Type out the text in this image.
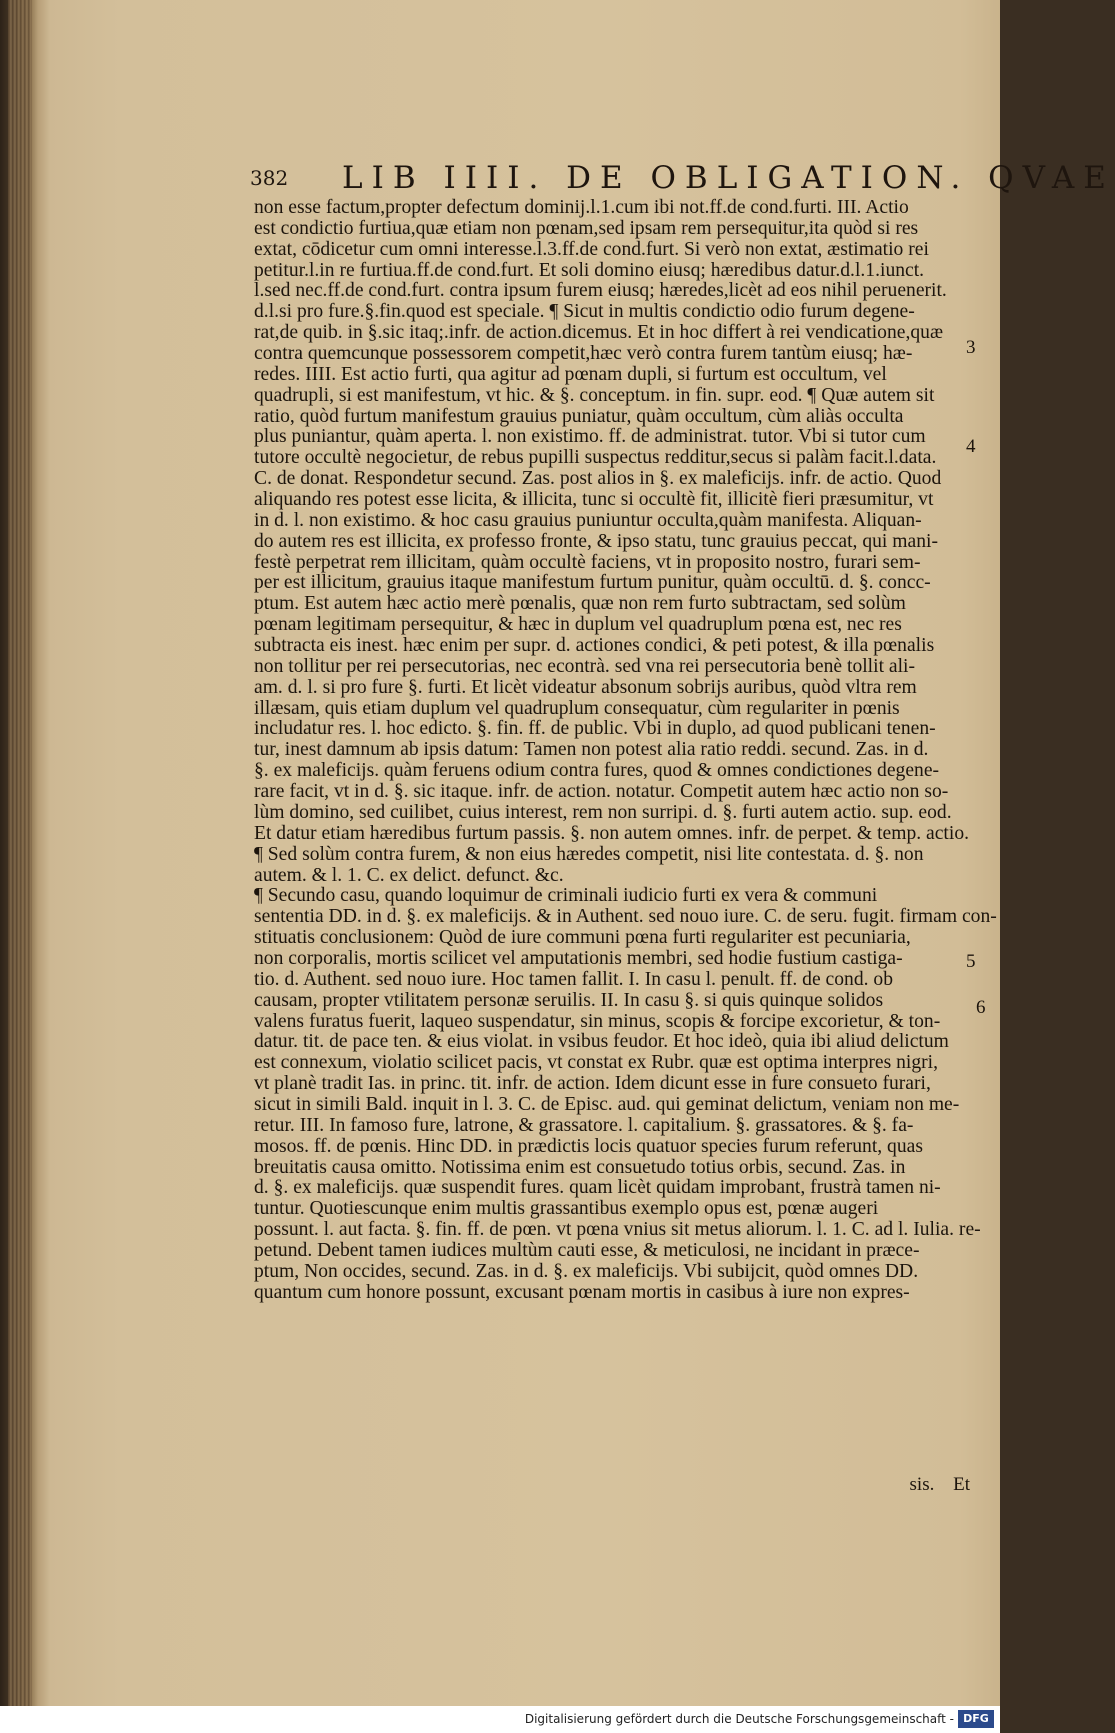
382 LIB IIII. DE OBLIGATION. QVAE
non esse factum,propter defectum dominij.l.1.cum ibi not.ff.de cond.furti. III. Actio
est condictio furtiua,quæ etiam non pœnam,sed ipsam rem persequitur,ita quòd si res
extat, cōdicetur cum omni interesse.l.3.ff.de cond.furt. Si verò non extat, æstimatio rei
petitur.l.in re furtiua.ff.de cond.furt. Et soli domino eiusq; hæredibus datur.d.l.1.iunct.
l.sed nec.ff.de cond.furt. contra ipsum furem eiusq; hæredes,licèt ad eos nihil peruenerit.
d.l.si pro fure.§.fin.quod est speciale. ¶ Sicut in multis condictio odio furum degene-
rat,de quib. in §.sic itaq;.infr. de action.dicemus. Et in hoc differt à rei vendicatione,quæ
contra quemcunque possessorem competit,hæc verò contra furem tantùm eiusq; hæ-
redes. IIII. Est actio furti, qua agitur ad pœnam dupli, si furtum est occultum, vel
quadrupli, si est manifestum, vt hic. & §. conceptum. in fin. supr. eod. ¶ Quæ autem sit
ratio, quòd furtum manifestum grauius puniatur, quàm occultum, cùm aliàs occulta
plus puniantur, quàm aperta. l. non existimo. ff. de administrat. tutor. Vbi si tutor cum
tutore occultè negocietur, de rebus pupilli suspectus redditur,secus si palàm facit.l.data.
C. de donat. Respondetur secund. Zas. post alios in §. ex maleficijs. infr. de actio. Quod
aliquando res potest esse licita, & illicita, tunc si occultè fit, illicitè fieri præsumitur, vt
in d. l. non existimo. & hoc casu grauius puniuntur occulta,quàm manifesta. Aliquan-
do autem res est illicita, ex professo fronte, & ipso statu, tunc grauius peccat, qui mani-
festè perpetrat rem illicitam, quàm occultè faciens, vt in proposito nostro, furari sem-
per est illicitum, grauius itaque manifestum furtum punitur, quàm occultū. d. §. concc-
ptum. Est autem hæc actio merè pœnalis, quæ non rem furto subtractam, sed solùm
pœnam legitimam persequitur, & hæc in duplum vel quadruplum pœna est, nec res
subtracta eis inest. hæc enim per supr. d. actiones condici, & peti potest, & illa pœnalis
non tollitur per rei persecutorias, nec econtrà. sed vna rei persecutoria benè tollit ali-
am. d. l. si pro fure §. furti. Et licèt videatur absonum sobrijs auribus, quòd vltra rem
illæsam, quis etiam duplum vel quadruplum consequatur, cùm regulariter in pœnis
includatur res. l. hoc edicto. §. fin. ff. de public. Vbi in duplo, ad quod publicani tenen-
tur, inest damnum ab ipsis datum: Tamen non potest alia ratio reddi. secund. Zas. in d.
§. ex maleficijs. quàm feruens odium contra fures, quod & omnes condictiones degene-
rare facit, vt in d. §. sic itaque. infr. de action. notatur. Competit autem hæc actio non so-
lùm domino, sed cuilibet, cuius interest, rem non surripi. d. §. furti autem actio. sup. eod.
Et datur etiam hæredibus furtum passis. §. non autem omnes. infr. de perpet. & temp. actio.
¶ Sed solùm contra furem, & non eius hæredes competit, nisi lite contestata. d. §. non
autem. & l. 1. C. ex delict. defunct. &c.
¶ Secundo casu, quando loquimur de criminali iudicio furti ex vera & communi
sententia DD. in d. §. ex maleficijs. & in Authent. sed nouo iure. C. de seru. fugit. firmam con-
stituatis conclusionem: Quòd de iure communi pœna furti regulariter est pecuniaria,
non corporalis, mortis scilicet vel amputationis membri, sed hodie fustium castiga-
tio. d. Authent. sed nouo iure. Hoc tamen fallit. I. In casu l. penult. ff. de cond. ob
causam, propter vtilitatem personæ seruilis. II. In casu §. si quis quinque solidos
valens furatus fuerit, laqueo suspendatur, sin minus, scopis & forcipe excorietur, & ton-
datur. tit. de pace ten. & eius violat. in vsibus feudor. Et hoc ideò, quia ibi aliud delictum
est connexum, violatio scilicet pacis, vt constat ex Rubr. quæ est optima interpres nigri,
vt planè tradit Ias. in princ. tit. infr. de action. Idem dicunt esse in fure consueto furari,
sicut in simili Bald. inquit in l. 3. C. de Episc. aud. qui geminat delictum, veniam non me-
retur. III. In famoso fure, latrone, & grassatore. l. capitalium. §. grassatores. & §. fa-
mosos. ff. de pœnis. Hinc DD. in prædictis locis quatuor species furum referunt, quas
breuitatis causa omitto. Notissima enim est consuetudo totius orbis, secund. Zas. in
d. §. ex maleficijs. quæ suspendit fures. quam licèt quidam improbant, frustrà tamen ni-
tuntur. Quotiescunque enim multis grassantibus exemplo opus est, pœnæ augeri
possunt. l. aut facta. §. fin. ff. de pœn. vt pœna vnius sit metus aliorum. l. 1. C. ad l. Iulia. re-
petund. Debent tamen iudices multùm cauti esse, & meticulosi, ne incidant in præce-
ptum, Non occides, secund. Zas. in d. §. ex maleficijs. Vbi subijcit, quòd omnes DD.
quantum cum honore possunt, excusant pœnam mortis in casibus à iure non expres-
3
4
5
6
sis. Et
Digitalisierung gefördert durch die Deutsche Forschungsgemeinschaft - DFG
